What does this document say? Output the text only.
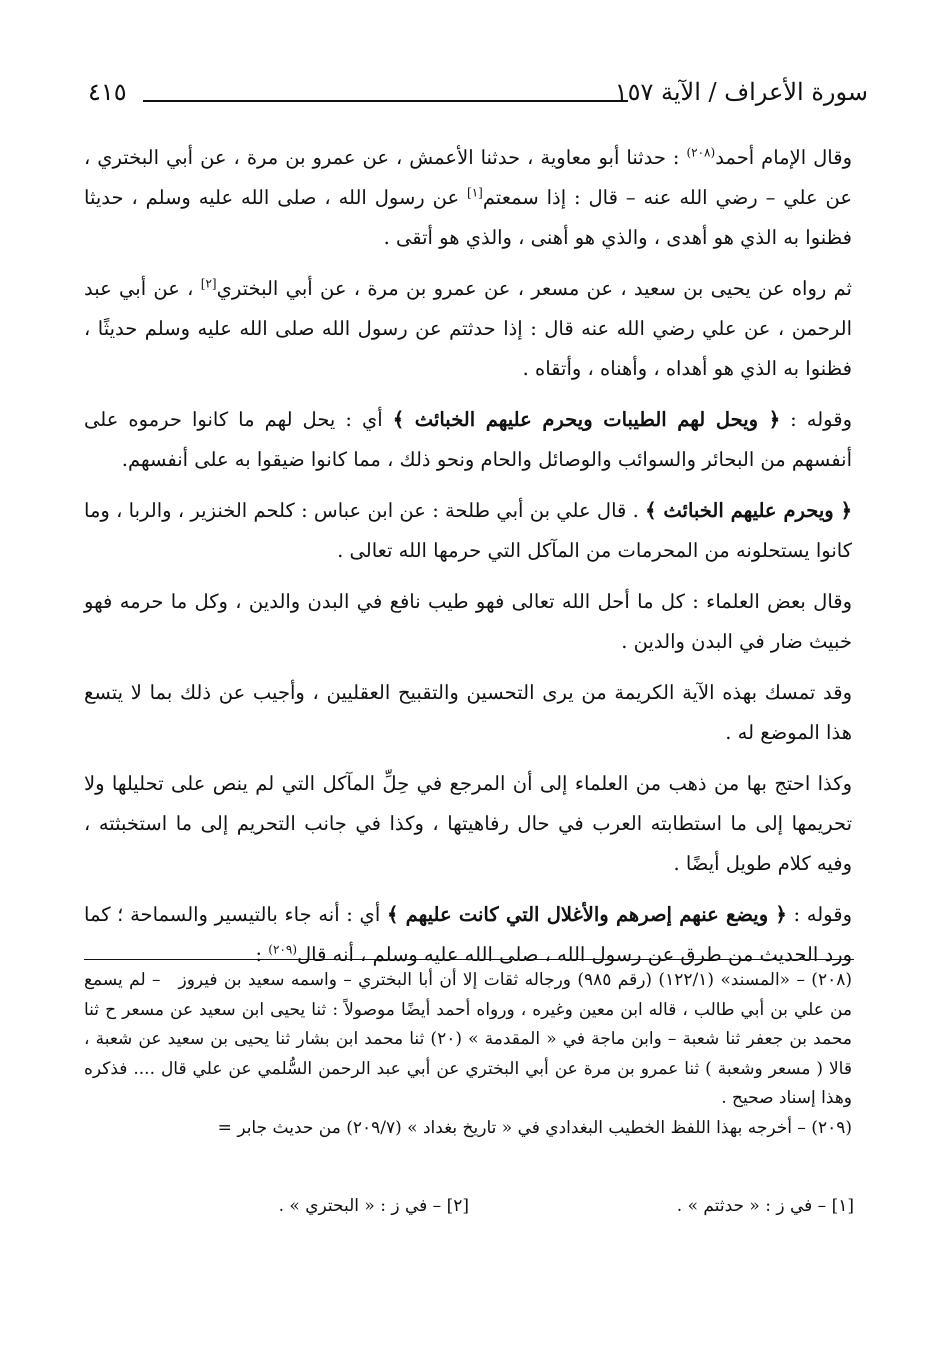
سورة الأعراف / الآية ١٥٧
٤١٥

وقال الإمام أحمد$^{(٢٠٨)}$ : حدثنا أبو معاوية ، حدثنا الأعمش ، عن عمرو بن مرة ، عن أبي البختري ، عن علي – رضي الله عنه – قال : إذا سمعتم[١] عن رسول الله ، صلى الله عليه وسلم ، حديثا فظنوا به الذي هو أهدى ، والذي هو أهنى ، والذي هو أتقى .

ثم رواه عن يحيى بن سعيد ، عن مسعر ، عن عمرو بن مرة ، عن أبي البختري[٢] ، عن أبي عبد الرحمن ، عن علي رضي الله عنه قال : إذا حدثتم عن رسول الله صلى الله عليه وسلم حديثًا ، فظنوا به الذي هو أهداه ، وأهناه ، وأتقاه .

وقوله : ﴿ ويحل لهم الطيبات ويحرم عليهم الخبائث ﴾ أي : يحل لهم ما كانوا حرموه على أنفسهم من البحائر والسوائب والوصائل والحام ونحو ذلك ، مما كانوا ضيقوا به على أنفسهم.

﴿ ويحرم عليهم الخبائث ﴾ . قال علي بن أبي طلحة : عن ابن عباس : كلحم الخنزير ، والربا ، وما كانوا يستحلونه من المحرمات من المآكل التي حرمها الله تعالى .

وقال بعض العلماء : كل ما أحل الله تعالى فهو طيب نافع في البدن والدين ، وكل ما حرمه فهو خبيث ضار في البدن والدين .

وقد تمسك بهذه الآية الكريمة من يرى التحسين والتقبيح العقليين ، وأجيب عن ذلك بما لا يتسع هذا الموضع له .

وكذا احتج بها من ذهب من العلماء إلى أن المرجع في حِلِّ المآكل التي لم ينص على تحليلها ولا تحريمها إلى ما استطابته العرب في حال رفاهيتها ، وكذا في جانب التحريم إلى ما استخبثته ، وفيه كلام طويل أيضًا .

وقوله : ﴿ ويضع عنهم إصرهم والأغلال التي كانت عليهم ﴾ أي : أنه جاء بالتيسير والسماحة ؛ كما ورد الحديث من طرق عن رسول الله ، صلى الله عليه وسلم ، أنه قال$^{(٢٠٩)}$ :

(٢٠٨) – «المسند» (١٢٢/١) (رقم ٩٨٥) ورجاله ثقات إلا أن أبا البختري – واسمه سعيد بن فيروز– لم يسمع من علي بن أبي طالب ، قاله ابن معين وغيره ، ورواه أحمد أيضًا موصولاً : ثنا يحيى ابن سعيد عن مسعر ح ثنا محمد بن جعفر ثنا شعبة – وابن ماجة في « المقدمة » (٢٠) ثنا محمد ابن بشار ثنا يحيى بن سعيد عن شعبة ، قالا ( مسعر وشعبة ) ثنا عمرو بن مرة عن أبي البختري عن أبي عبد الرحمن السُّلمي عن علي قال .... فذكره وهذا إسناد صحيح .

(٢٠٩) – أخرجه بهذا اللفظ الخطيب البغدادي في « تاريخ بغداد » (٢٠٩/٧) من حديث جابر =

[١] – في ز : « حدثتم » .
[٢] – في ز : « البحتري » .
